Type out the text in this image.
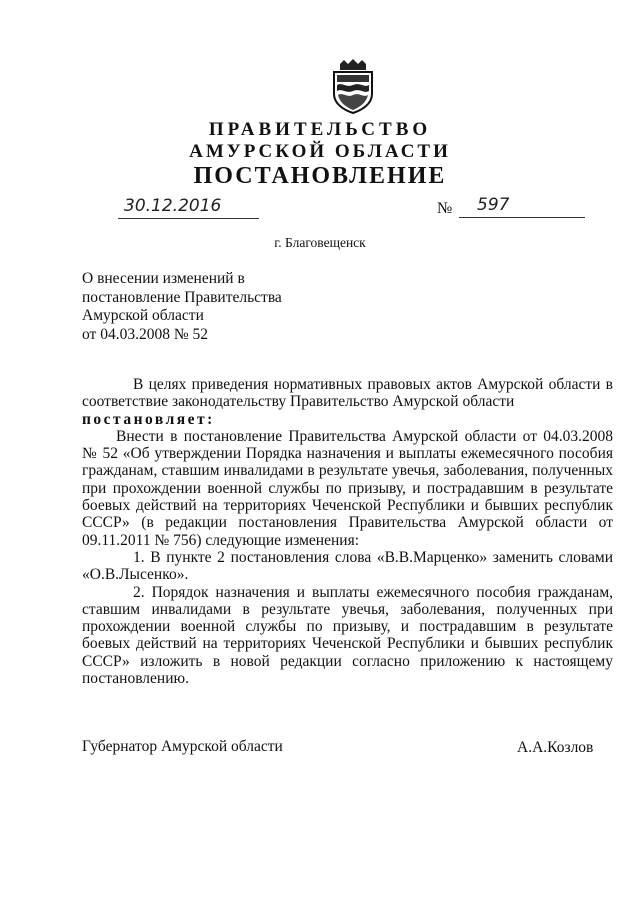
ПРАВИТЕЛЬСТВО
АМУРСКОЙ ОБЛАСТИ
ПОСТАНОВЛЕНИЕ
30.12.2016	№	597
г. Благовещенск
О внесении изменений в
постановление Правительства
Амурской области
от 04.03.2008 № 52

В целях приведения нормативных правовых актов Амурской области в соответствие законодательству Правительство Амурской области

постановляет:

Внести в постановление Правительства Амурской области от 04.03.2008 № 52 «Об утверждении Порядка назначения и выплаты ежемесячного пособия гражданам, ставшим инвалидами в результате увечья, заболевания, полученных при прохождении военной службы по призыву, и пострадавшим в результате боевых действий на территориях Чеченской Республики и бывших республик СССР» (в редакции постановления Правительства Амурской области от 09.11.2011 № 756) следующие изменения:

1. В пункте 2 постановления слова «В.В.Марценко» заменить словами «О.В.Лысенко».

2. Порядок назначения и выплаты ежемесячного пособия гражданам, ставшим инвалидами в результате увечья, заболевания, полученных при прохождении военной службы по призыву, и пострадавшим в результате боевых действий на территориях Чеченской Республики и бывших республик СССР» изложить в новой редакции согласно приложению к настоящему постановлению.

Губернатор Амурской области	А.А.Козлов
